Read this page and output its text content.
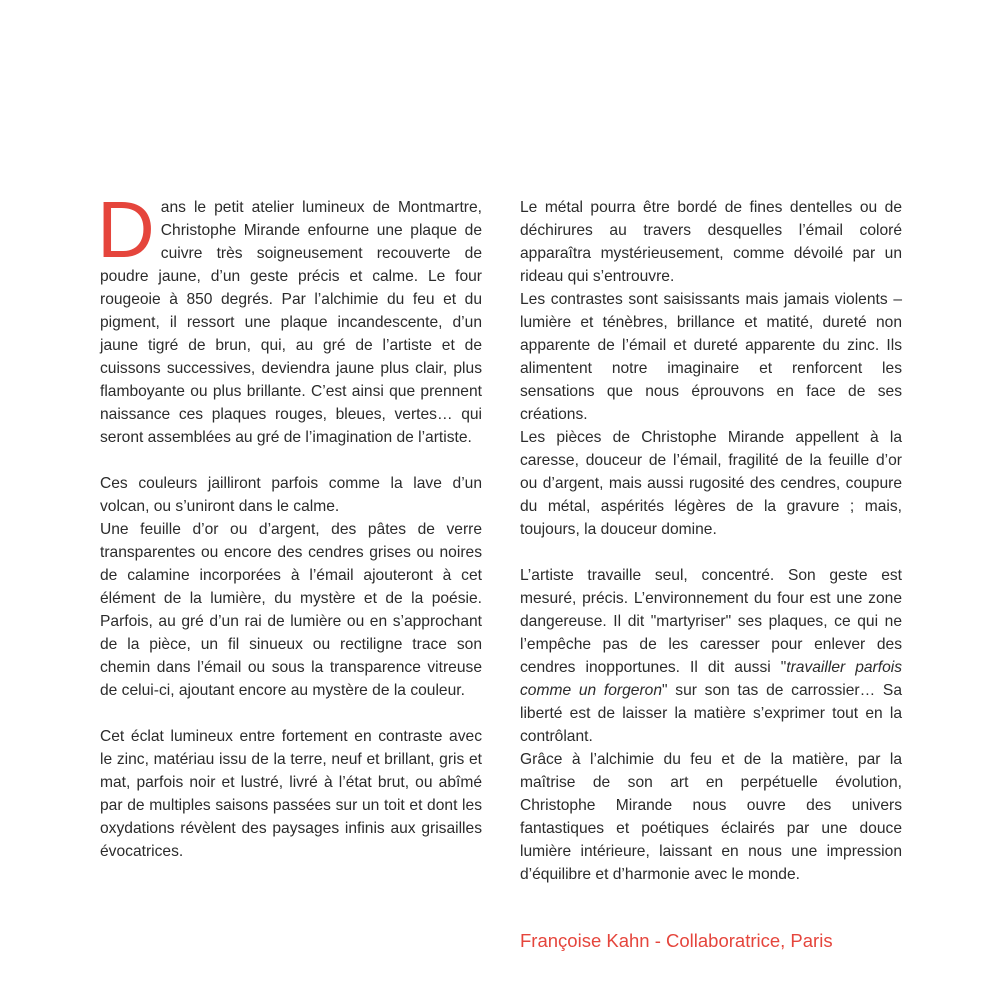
Dans le petit atelier lumineux de Montmartre, Christophe Mirande enfourne une plaque de cuivre très soigneusement recouverte de poudre jaune, d’un geste précis et calme. Le four rougeoie à 850 degrés. Par l’alchimie du feu et du pigment, il ressort une plaque incandescente, d’un jaune tigré de brun, qui, au gré de l’artiste et de cuissons successives, deviendra jaune plus clair, plus flamboyante ou plus brillante. C’est ainsi que prennent naissance ces plaques rouges, bleues, vertes… qui seront assemblées au gré de l’imagination de l’artiste.

Ces couleurs jailliront parfois comme la lave d’un volcan, ou s’uniront dans le calme.

Une feuille d’or ou d’argent, des pâtes de verre transparentes ou encore des cendres grises ou noires de calamine incorporées à l’émail ajouteront à cet élément de la lumière, du mystère et de la poésie. Parfois, au gré d’un rai de lumière ou en s’approchant de la pièce, un fil sinueux ou rectiligne trace son chemin dans l’émail ou sous la transparence vitreuse de celui-ci, ajoutant encore au mystère de la couleur.

Cet éclat lumineux entre fortement en contraste avec le zinc, matériau issu de la terre, neuf et brillant, gris et mat, parfois noir et lustré, livré à l’état brut, ou abîmé par de multiples saisons passées sur un toit et dont les oxydations révèlent des paysages infinis aux grisailles évocatrices.

Le métal pourra être bordé de fines dentelles ou de déchirures au travers desquelles l’émail coloré apparaîtra mystérieusement, comme dévoilé par un rideau qui s’entrouvre.

Les contrastes sont saisissants mais jamais violents – lumière et ténèbres, brillance et matité, dureté non apparente de l’émail et dureté apparente du zinc. Ils alimentent notre imaginaire et renforcent les sensations que nous éprouvons en face de ses créations.

Les pièces de Christophe Mirande appellent à la caresse, douceur de l’émail, fragilité de la feuille d’or ou d’argent, mais aussi rugosité des cendres, coupure du métal, aspérités légères de la gravure ; mais, toujours, la douceur domine.

L’artiste travaille seul, concentré. Son geste est mesuré, précis. L’environnement du four est une zone dangereuse. Il dit "martyriser" ses plaques, ce qui ne l’empêche pas de les caresser pour enlever des cendres inopportunes. Il dit aussi "travailler parfois comme un forgeron" sur son tas de carrossier… Sa liberté est de laisser la matière s’exprimer tout en la contrôlant.

Grâce à l’alchimie du feu et de la matière, par la maîtrise de son art en perpétuelle évolution, Christophe Mirande nous ouvre des univers fantastiques et poétiques éclairés par une douce lumière intérieure, laissant en nous une impression d’équilibre et d’harmonie avec le monde.

Françoise Kahn - Collaboratrice, Paris
